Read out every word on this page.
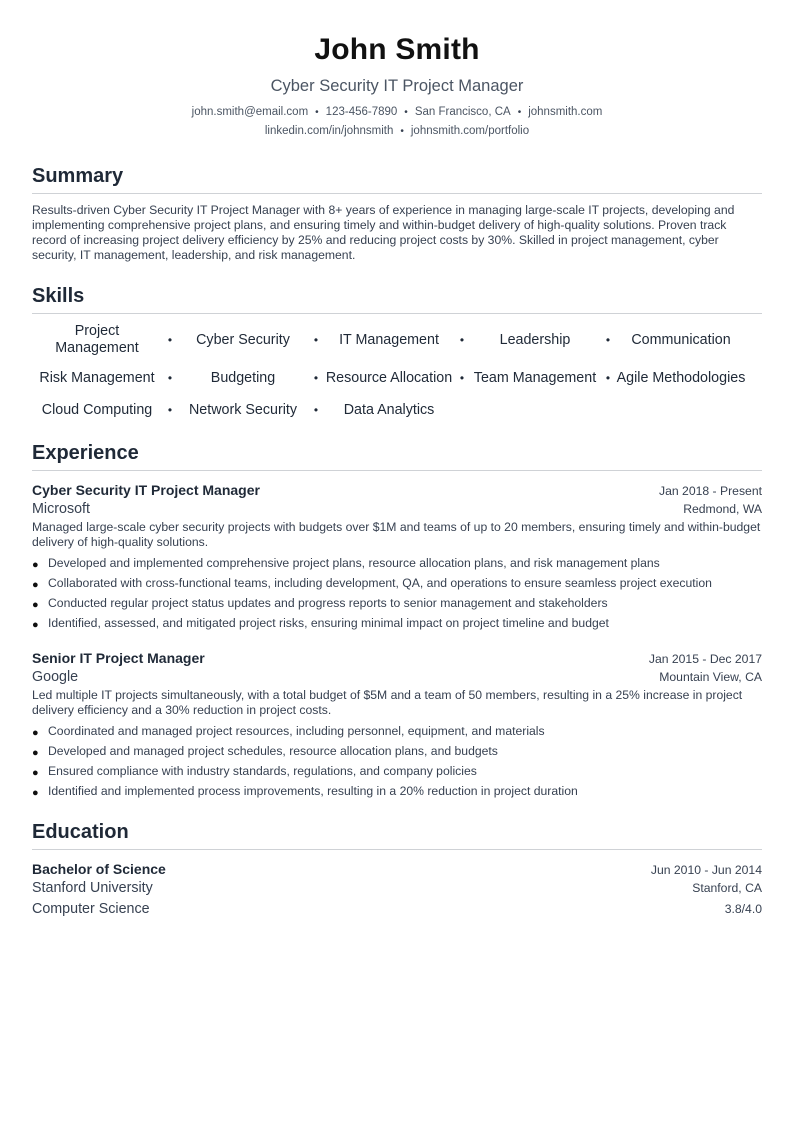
John Smith
Cyber Security IT Project Manager
john.smith@email.com • 123-456-7890 • San Francisco, CA • johnsmith.com
linkedin.com/in/johnsmith • johnsmith.com/portfolio
Summary
Results-driven Cyber Security IT Project Manager with 8+ years of experience in managing large-scale IT projects, developing and implementing comprehensive project plans, and ensuring timely and within-budget delivery of high-quality solutions. Proven track record of increasing project delivery efficiency by 25% and reducing project costs by 30%. Skilled in project management, cyber security, IT management, leadership, and risk management.
Skills
Project Management
•	Cyber Security	•	IT Management	•	Leadership	•	Communication
Risk Management	•	Budgeting	• Resource Allocation • Team Management • Agile Methodologies
Cloud Computing	•	Network Security	•	Data Analytics
Experience
Cyber Security IT Project Manager	Jan 2018 - Present
Microsoft	Redmond, WA
Managed large-scale cyber security projects with budgets over $1M and teams of up to 20 members, ensuring timely and within-budget delivery of high-quality solutions.
● Developed and implemented comprehensive project plans, resource allocation plans, and risk management plans
● Collaborated with cross-functional teams, including development, QA, and operations to ensure seamless project execution
● Conducted regular project status updates and progress reports to senior management and stakeholders
● Identified, assessed, and mitigated project risks, ensuring minimal impact on project timeline and budget
Senior IT Project Manager	Jan 2015 - Dec 2017
Google	Mountain View, CA
Led multiple IT projects simultaneously, with a total budget of $5M and a team of 50 members, resulting in a 25% increase in project delivery efficiency and a 30% reduction in project costs.
● Coordinated and managed project resources, including personnel, equipment, and materials
● Developed and managed project schedules, resource allocation plans, and budgets
● Ensured compliance with industry standards, regulations, and company policies
● Identified and implemented process improvements, resulting in a 20% reduction in project duration
Education
Bachelor of Science	Jun 2010 - Jun 2014
Stanford University	Stanford, CA
Computer Science	3.8/4.0
